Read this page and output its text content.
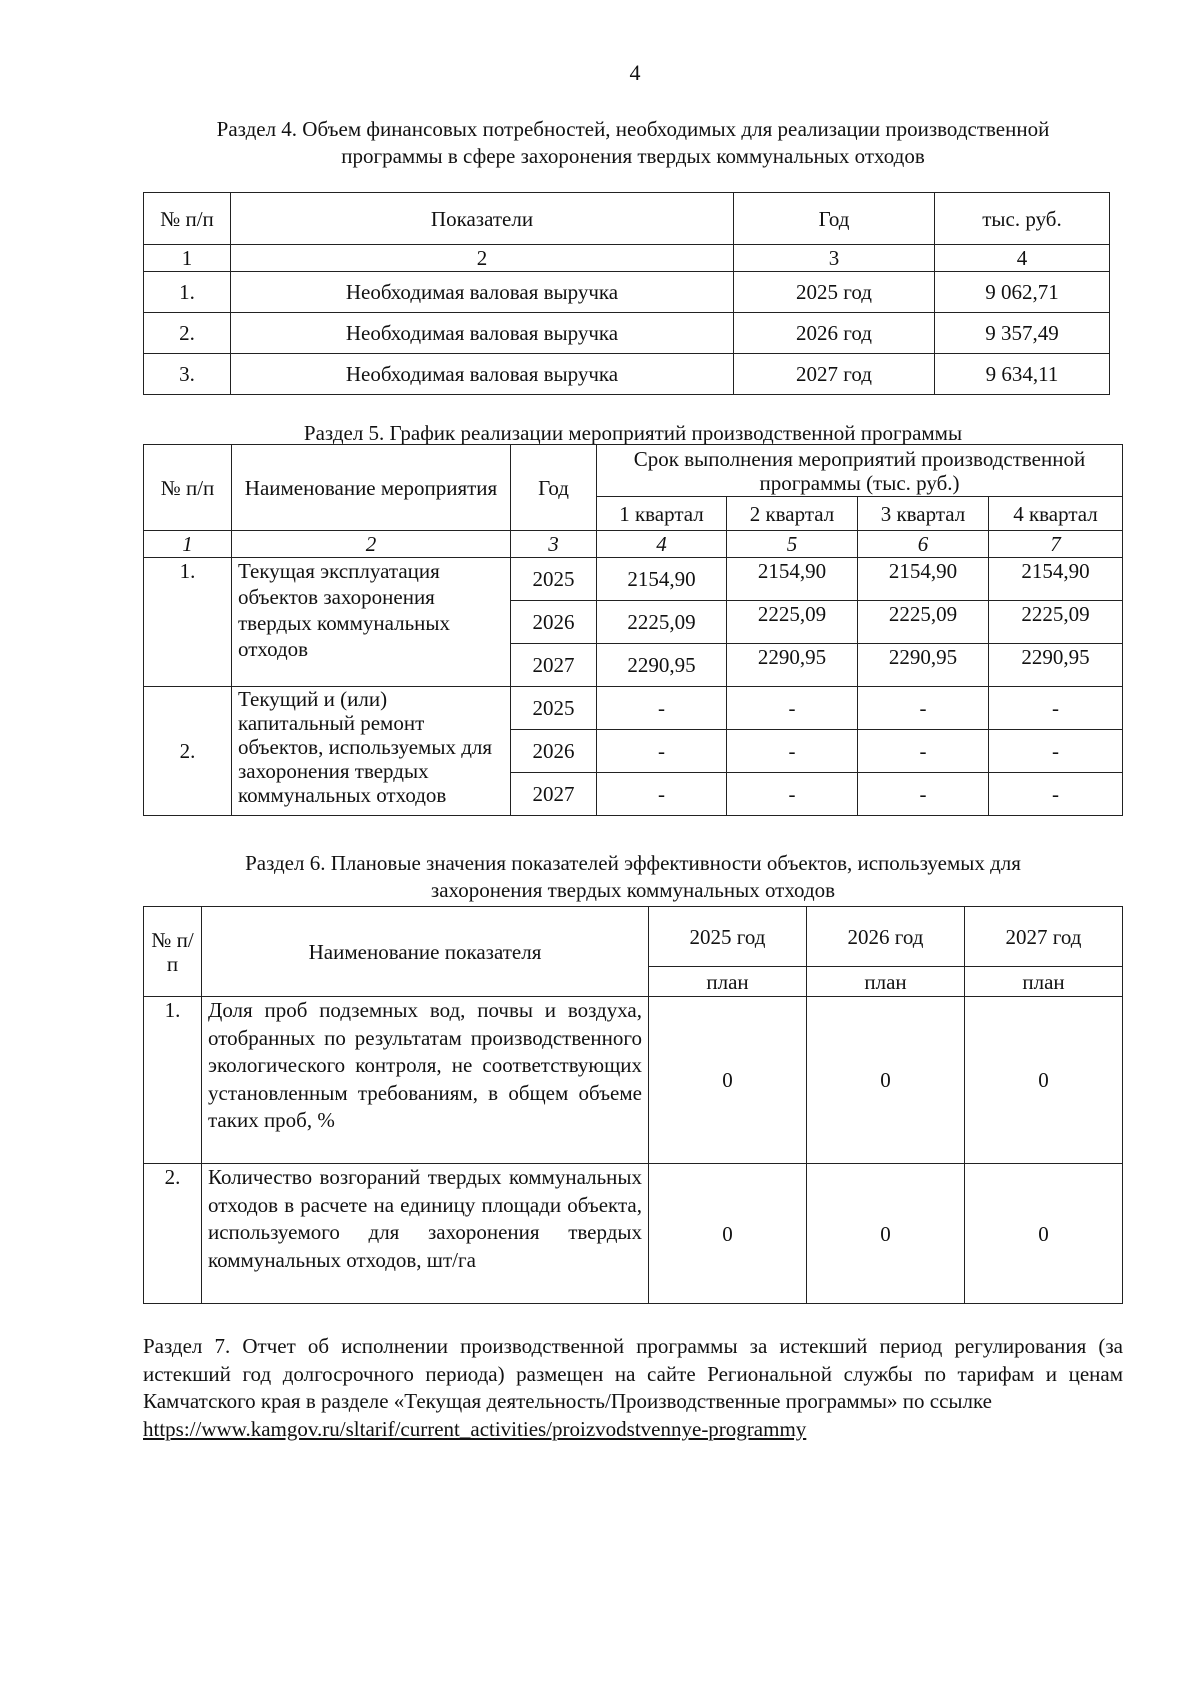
4
Раздел 4. Объем финансовых потребностей, необходимых для реализации производственной
программы в сфере захоронения твердых коммунальных отходов
№ п/п	Показатели	Год	тыс. руб.
1	2	3	4
1.	Необходимая валовая выручка	2025 год	9 062,71
2.	Необходимая валовая выручка	2026 год	9 357,49
3.	Необходимая валовая выручка	2027 год	9 634,11
Раздел 5. График реализации мероприятий производственной программы
№ п/п	Наименование мероприятия	Год	Срок выполнения мероприятий производственной программы (тыс. руб.)			
			1 квартал	2 квартал	3 квартал	4 квартал
1	2	3	4	5	6	7
1.	Текущая эксплуатация объектов захоронения твердых коммунальных отходов	2025	2154,90	2154,90	2154,90	2154,90
		2026	2225,09	2225,09	2225,09	2225,09
		2027	2290,95	2290,95	2290,95	2290,95
2.	Текущий и (или) капитальный ремонт объектов, используемых для захоронения твердых коммунальных отходов	2025	-	-	-	-
		2026	-	-	-	-
		2027	-	-	-	-
Раздел 6. Плановые значения показателей эффективности объектов, используемых для
захоронения твердых коммунальных отходов
№ п/п	Наименование показателя	2025 год	2026 год	2027 год
		план	план	план
1.	Доля проб подземных вод, почвы и воздуха, отобранных по результатам производственного экологического контроля, не соответствующих установленным требованиям, в общем объеме таких проб, %	0	0	0
2.	Количество возгораний твердых коммунальных отходов в расчете на единицу площади объекта, используемого для захоронения твердых коммунальных отходов, шт/га	0	0	0
Раздел 7. Отчет об исполнении производственной программы за истекший период регулирования (за истекший год долгосрочного периода) размещен на сайте Региональной службы по тарифам и ценам Камчатского края в разделе «Текущая деятельность/Производственные программы» по ссылке
https://www.kamgov.ru/sltarif/current_activities/proizvodstvennye-programmy
